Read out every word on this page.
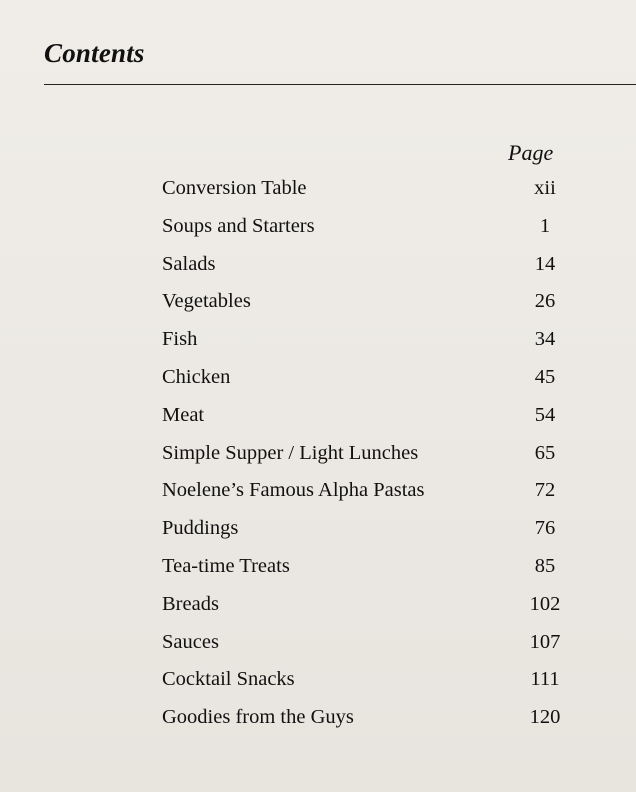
Contents
Page
Conversion Table	xii
Soups and Starters	1
Salads	14
Vegetables	26
Fish	34
Chicken	45
Meat	54
Simple Supper / Light Lunches	65
Noelene’s Famous Alpha Pastas	72
Puddings	76
Tea-time Treats	85
Breads	102
Sauces	107
Cocktail Snacks	111
Goodies from the Guys	120
